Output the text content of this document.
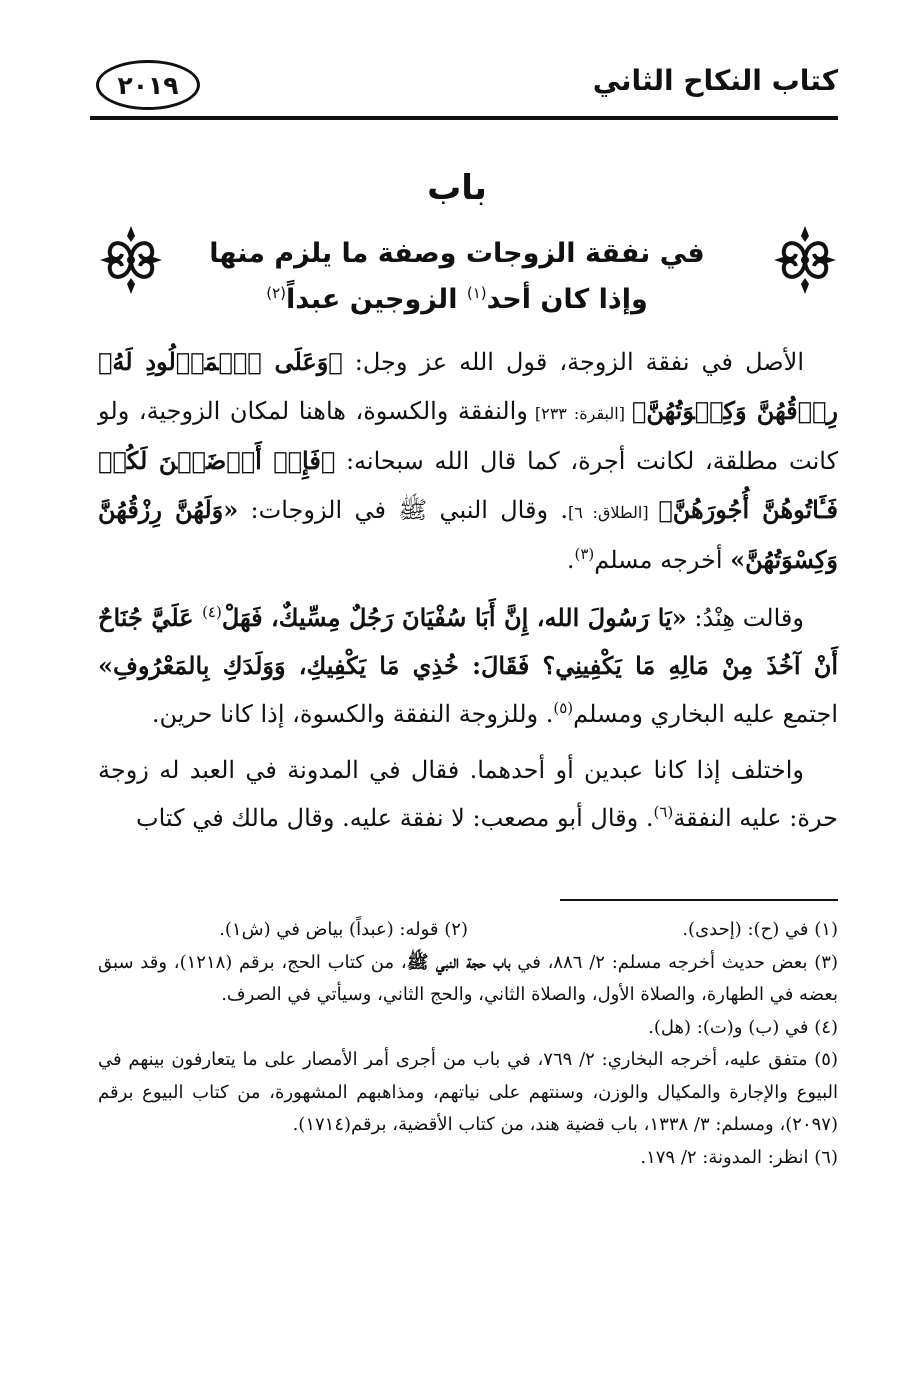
٢٠١٩	كتاب النكاح الثاني
باب
في نفقة الزوجات وصفة ما يلزم منها
وإذا كان أحد$^{(١)}$ الزوجين عبداً$^{(٢)}$

الأصل في نفقة الزوجة، قول الله عز وجل: ﴿وَعَلَى ٱلۡمَوۡلُودِ لَهُۥ رِزۡقُهُنَّ وَكِسۡوَتُهُنَّ﴾ [البقرة: ٢٣٣] والنفقة والكسوة، هاهنا لمكان الزوجية، ولو كانت مطلقة، لكانت أجرة، كما قال الله سبحانه: ﴿فَإِنۡ أَرۡضَعۡنَ لَكُمۡ فَـَٔاتُوهُنَّ أُجُورَهُنَّ﴾ [الطلاق: ٦]. وقال النبي ﷺ في الزوجات: «وَلَهُنَّ رِزْقُهُنَّ وَكِسْوَتُهُنَّ» أخرجه مسلم$^{(٣)}$.

وقالت هِنْدُ: «يَا رَسُولَ الله، إِنَّ أَبَا سُفْيَانَ رَجُلٌ مِسِّيكٌ، فَهَلْ$^{(٤)}$ عَلَيَّ جُنَاحٌ أَنْ آخُذَ مِنْ مَالِهِ مَا يَكْفِينِي؟ فَقَالَ: خُذِي مَا يَكْفِيكِ، وَوَلَدَكِ بِالمَعْرُوفِ» اجتمع عليه البخاري ومسلم$^{(٥)}$. وللزوجة النفقة والكسوة، إذا كانا حرين.

واختلف إذا كانا عبدين أو أحدهما. فقال في المدونة في العبد له زوجة حرة: عليه النفقة$^{(٦)}$. وقال أبو مصعب: لا نفقة عليه. وقال مالك في كتاب

(١) في (ح): (إحدى).
(٢) قوله: (عبداً) بياض في (ش١).

(٣) بعض حديث أخرجه مسلم: ٢/ ٨٨٦، في باب حجة النبي ﷺ، من كتاب الحج، برقم (١٢١٨)، وقد سبق بعضه في الطهارة، والصلاة الأول، والصلاة الثاني، والحج الثاني، وسيأتي في الصرف.

(٤) في (ب) و(ت): (هل).

(٥) متفق عليه، أخرجه البخاري: ٢/ ٧٦٩، في باب من أجرى أمر الأمصار على ما يتعارفون بينهم في البيوع والإجارة والمكيال والوزن، وسنتهم على نياتهم، ومذاهبهم المشهورة، من كتاب البيوع برقم (٢٠٩٧)، ومسلم: ٣/ ١٣٣٨، باب قضية هند، من كتاب الأقضية، برقم(١٧١٤).

(٦) انظر: المدونة: ٢/ ١٧٩.
